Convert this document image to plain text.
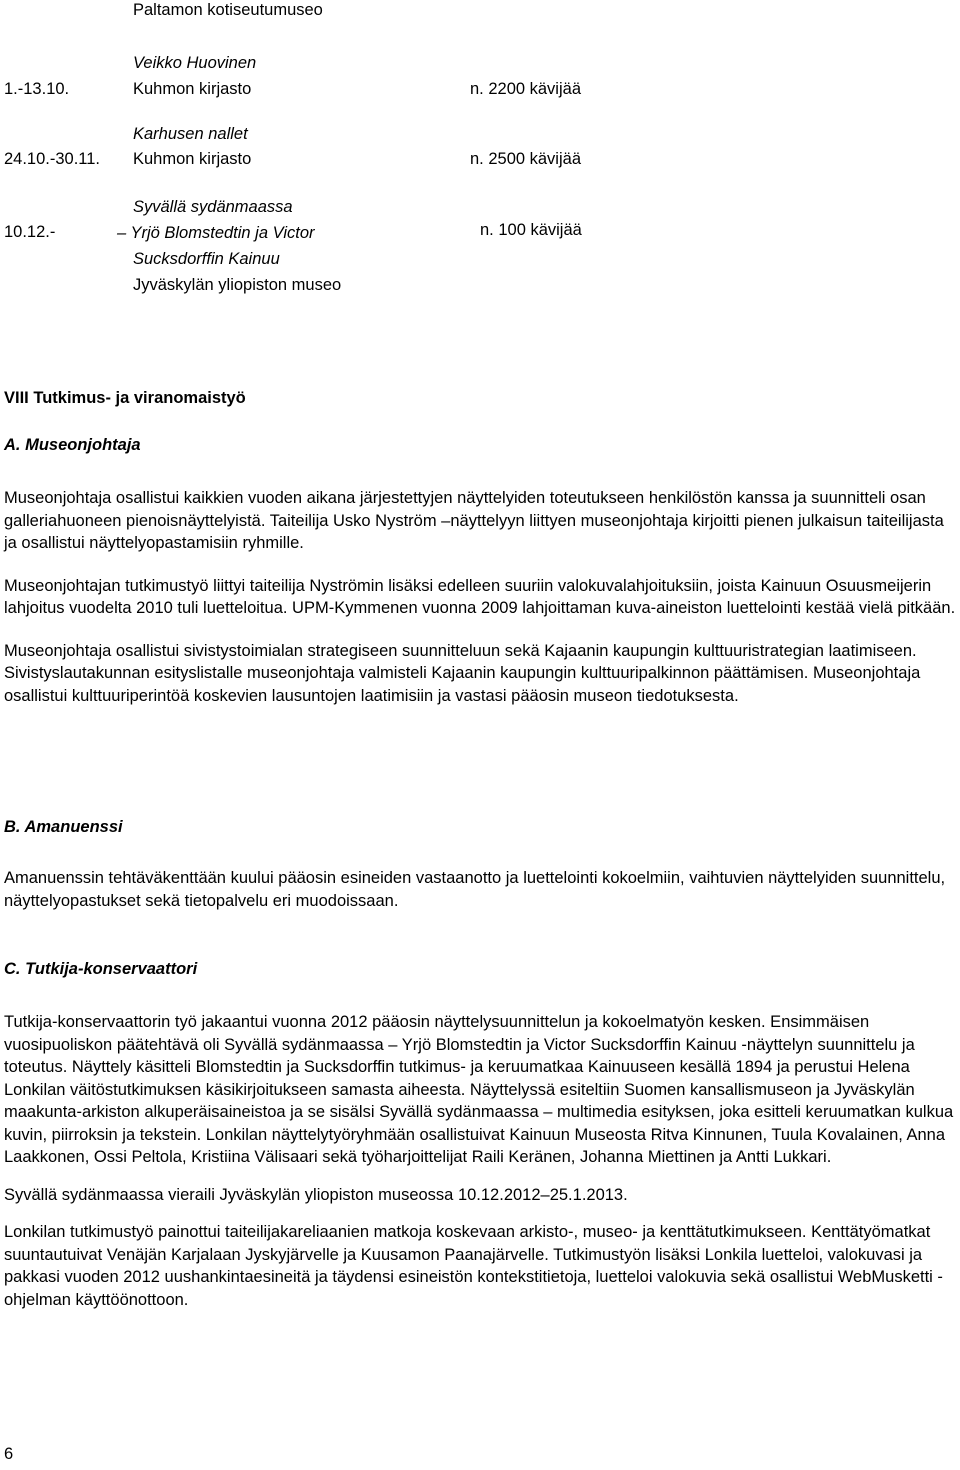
Paltamon kotiseutumuseo
1.-13.10.
Veikko Huovinen
Kuhmon kirjasto	n. 2200 kävijää
24.10.-30.11.
Karhusen nallet
Kuhmon kirjasto	n. 2500 kävijää
10.12.-
Syvällä sydänmaassa
– Yrjö Blomstedtin ja Victor
Sucksdorffin Kainuu
Jyväskylän yliopiston museo
n. 100 kävijää
VIII Tutkimus- ja viranomaistyö
A. Museonjohtaja

Museonjohtaja osallistui kaikkien vuoden aikana järjestettyjen näyttelyiden toteutukseen henkilöstön kanssa ja suunnitteli osan galleriahuoneen pienoisnäyttelyistä. Taiteilija Usko Nyström –näyttelyyn liittyen museonjohtaja kirjoitti pienen julkaisun taiteilijasta ja osallistui näyttelyopastamisiin ryhmille.

Museonjohtajan tutkimustyö liittyi taiteilija Nyströmin lisäksi edelleen suuriin valokuvalahjoituksiin, joista Kainuun Osuusmeijerin lahjoitus vuodelta 2010 tuli luetteloitua. UPM-Kymmenen vuonna 2009 lahjoittaman kuva-aineiston luettelointi kestää vielä pitkään.

Museonjohtaja osallistui sivistystoimialan strategiseen suunnitteluun sekä Kajaanin kaupungin kulttuuristrategian laatimiseen. Sivistyslautakunnan esityslistalle museonjohtaja valmisteli Kajaanin kaupungin kulttuuripalkinnon päättämisen. Museonjohtaja osallistui kulttuuriperintöä koskevien lausuntojen laatimisiin ja vastasi pääosin museon tiedotuksesta.

B. Amanuenssi

Amanuenssin tehtäväkenttään kuului pääosin esineiden vastaanotto ja luettelointi kokoelmiin, vaihtuvien näyttelyiden suunnittelu, näyttelyopastukset sekä tietopalvelu eri muodoissaan.

C. Tutkija-konservaattori

Tutkija-konservaattorin työ jakaantui vuonna 2012 pääosin näyttelysuunnittelun ja kokoelmatyön kesken. Ensimmäisen vuosipuoliskon päätehtävä oli Syvällä sydänmaassa – Yrjö Blomstedtin ja Victor Sucksdorffin Kainuu -näyttelyn suunnittelu ja toteutus. Näyttely käsitteli Blomstedtin ja Sucksdorffin tutkimus- ja keruumatkaa Kainuuseen kesällä 1894 ja perustui Helena Lonkilan väitöstutkimuksen käsikirjoitukseen samasta aiheesta. Näyttelyssä esiteltiin Suomen kansallismuseon ja Jyväskylän maakunta-arkiston alkuperäisaineistoa ja se sisälsi Syvällä sydänmaassa – multimedia esityksen, joka esitteli keruumatkan kulkua kuvin, piirroksin ja tekstein. Lonkilan näyttelytyöryhmään osallistuivat Kainuun Museosta Ritva Kinnunen, Tuula Kovalainen, Anna Laakkonen, Ossi Peltola, Kristiina Välisaari sekä työharjoittelijat Raili Keränen, Johanna Miettinen ja Antti Lukkari.

Syvällä sydänmaassa vieraili Jyväskylän yliopiston museossa 10.12.2012–25.1.2013.

Lonkilan tutkimustyö painottui taiteilijakareliaanien matkoja koskevaan arkisto-, museo- ja kenttätutkimukseen. Kenttätyömatkat suuntautuivat Venäjän Karjalaan Jyskyjärvelle ja Kuusamon Paanajärvelle. Tutkimustyön lisäksi Lonkila luetteloi, valokuvasi ja pakkasi vuoden 2012 uushankintaesineitä ja täydensi esineistön kontekstitietoja, luetteloi valokuvia sekä osallistui WebMusketti -ohjelman käyttöönottoon.

6
